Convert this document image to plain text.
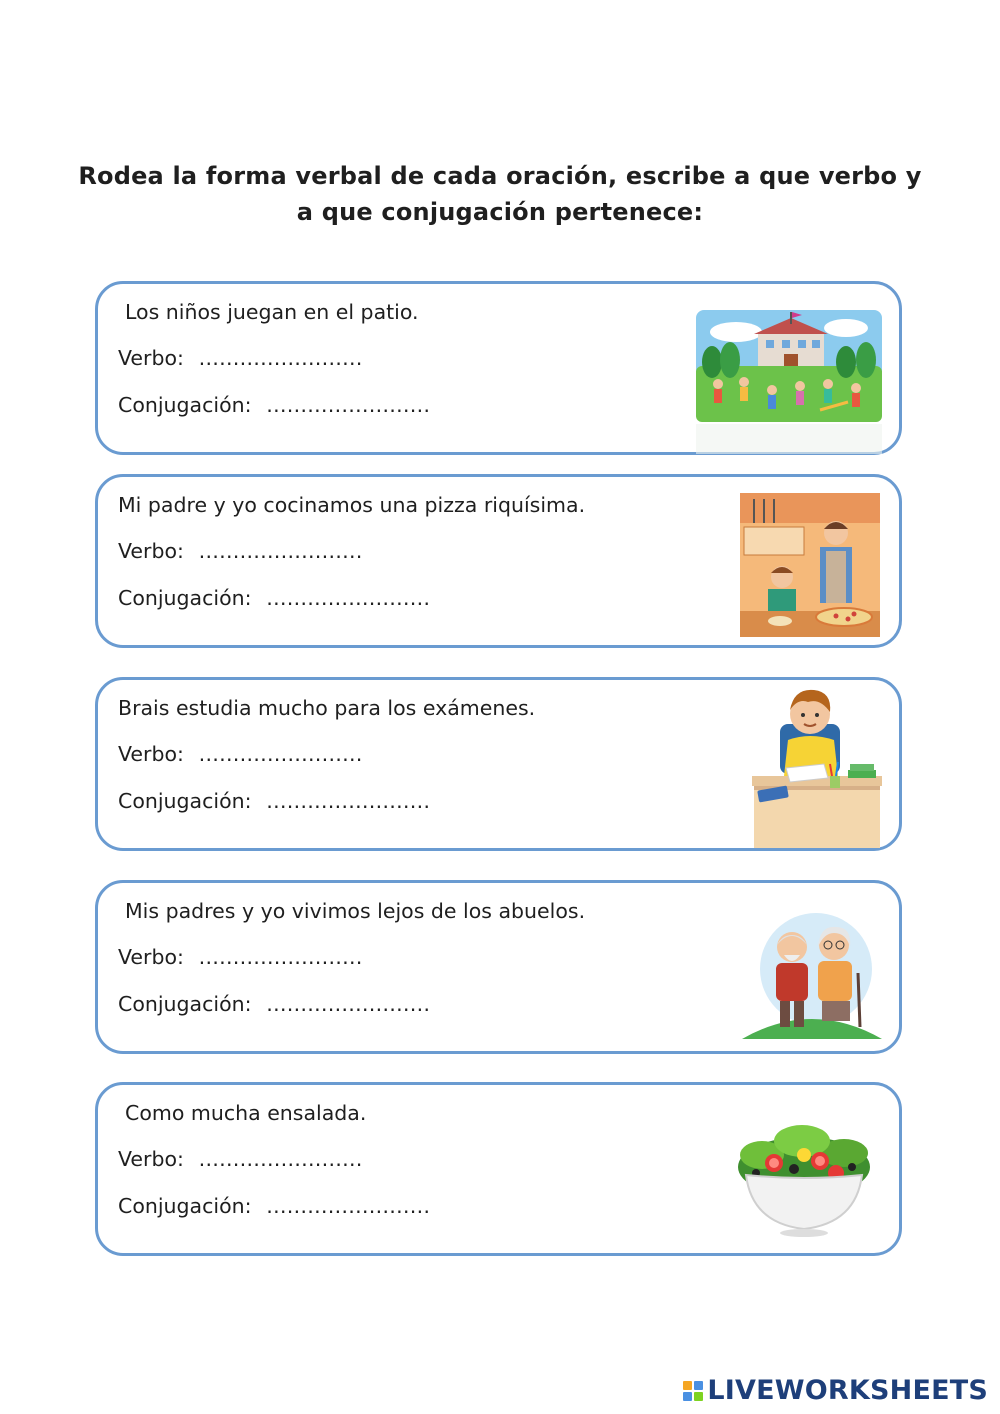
Rodea la forma verbal de cada oración, escribe a que verbo y
a que conjugación pertenece:
Los niños juegan en el patio.
Verbo: ……………………
Conjugación: ……………………
Mi padre y yo cocinamos una pizza riquísima.
Verbo: ……………………
Conjugación: ……………………
Brais estudia mucho para los exámenes.
Verbo: ……………………
Conjugación: ……………………
Mis padres y yo vivimos lejos de los abuelos.
Verbo: ……………………
Conjugación: ……………………
Como mucha ensalada.
Verbo: ……………………
Conjugación: ……………………
LIVEWORKSHEETS
